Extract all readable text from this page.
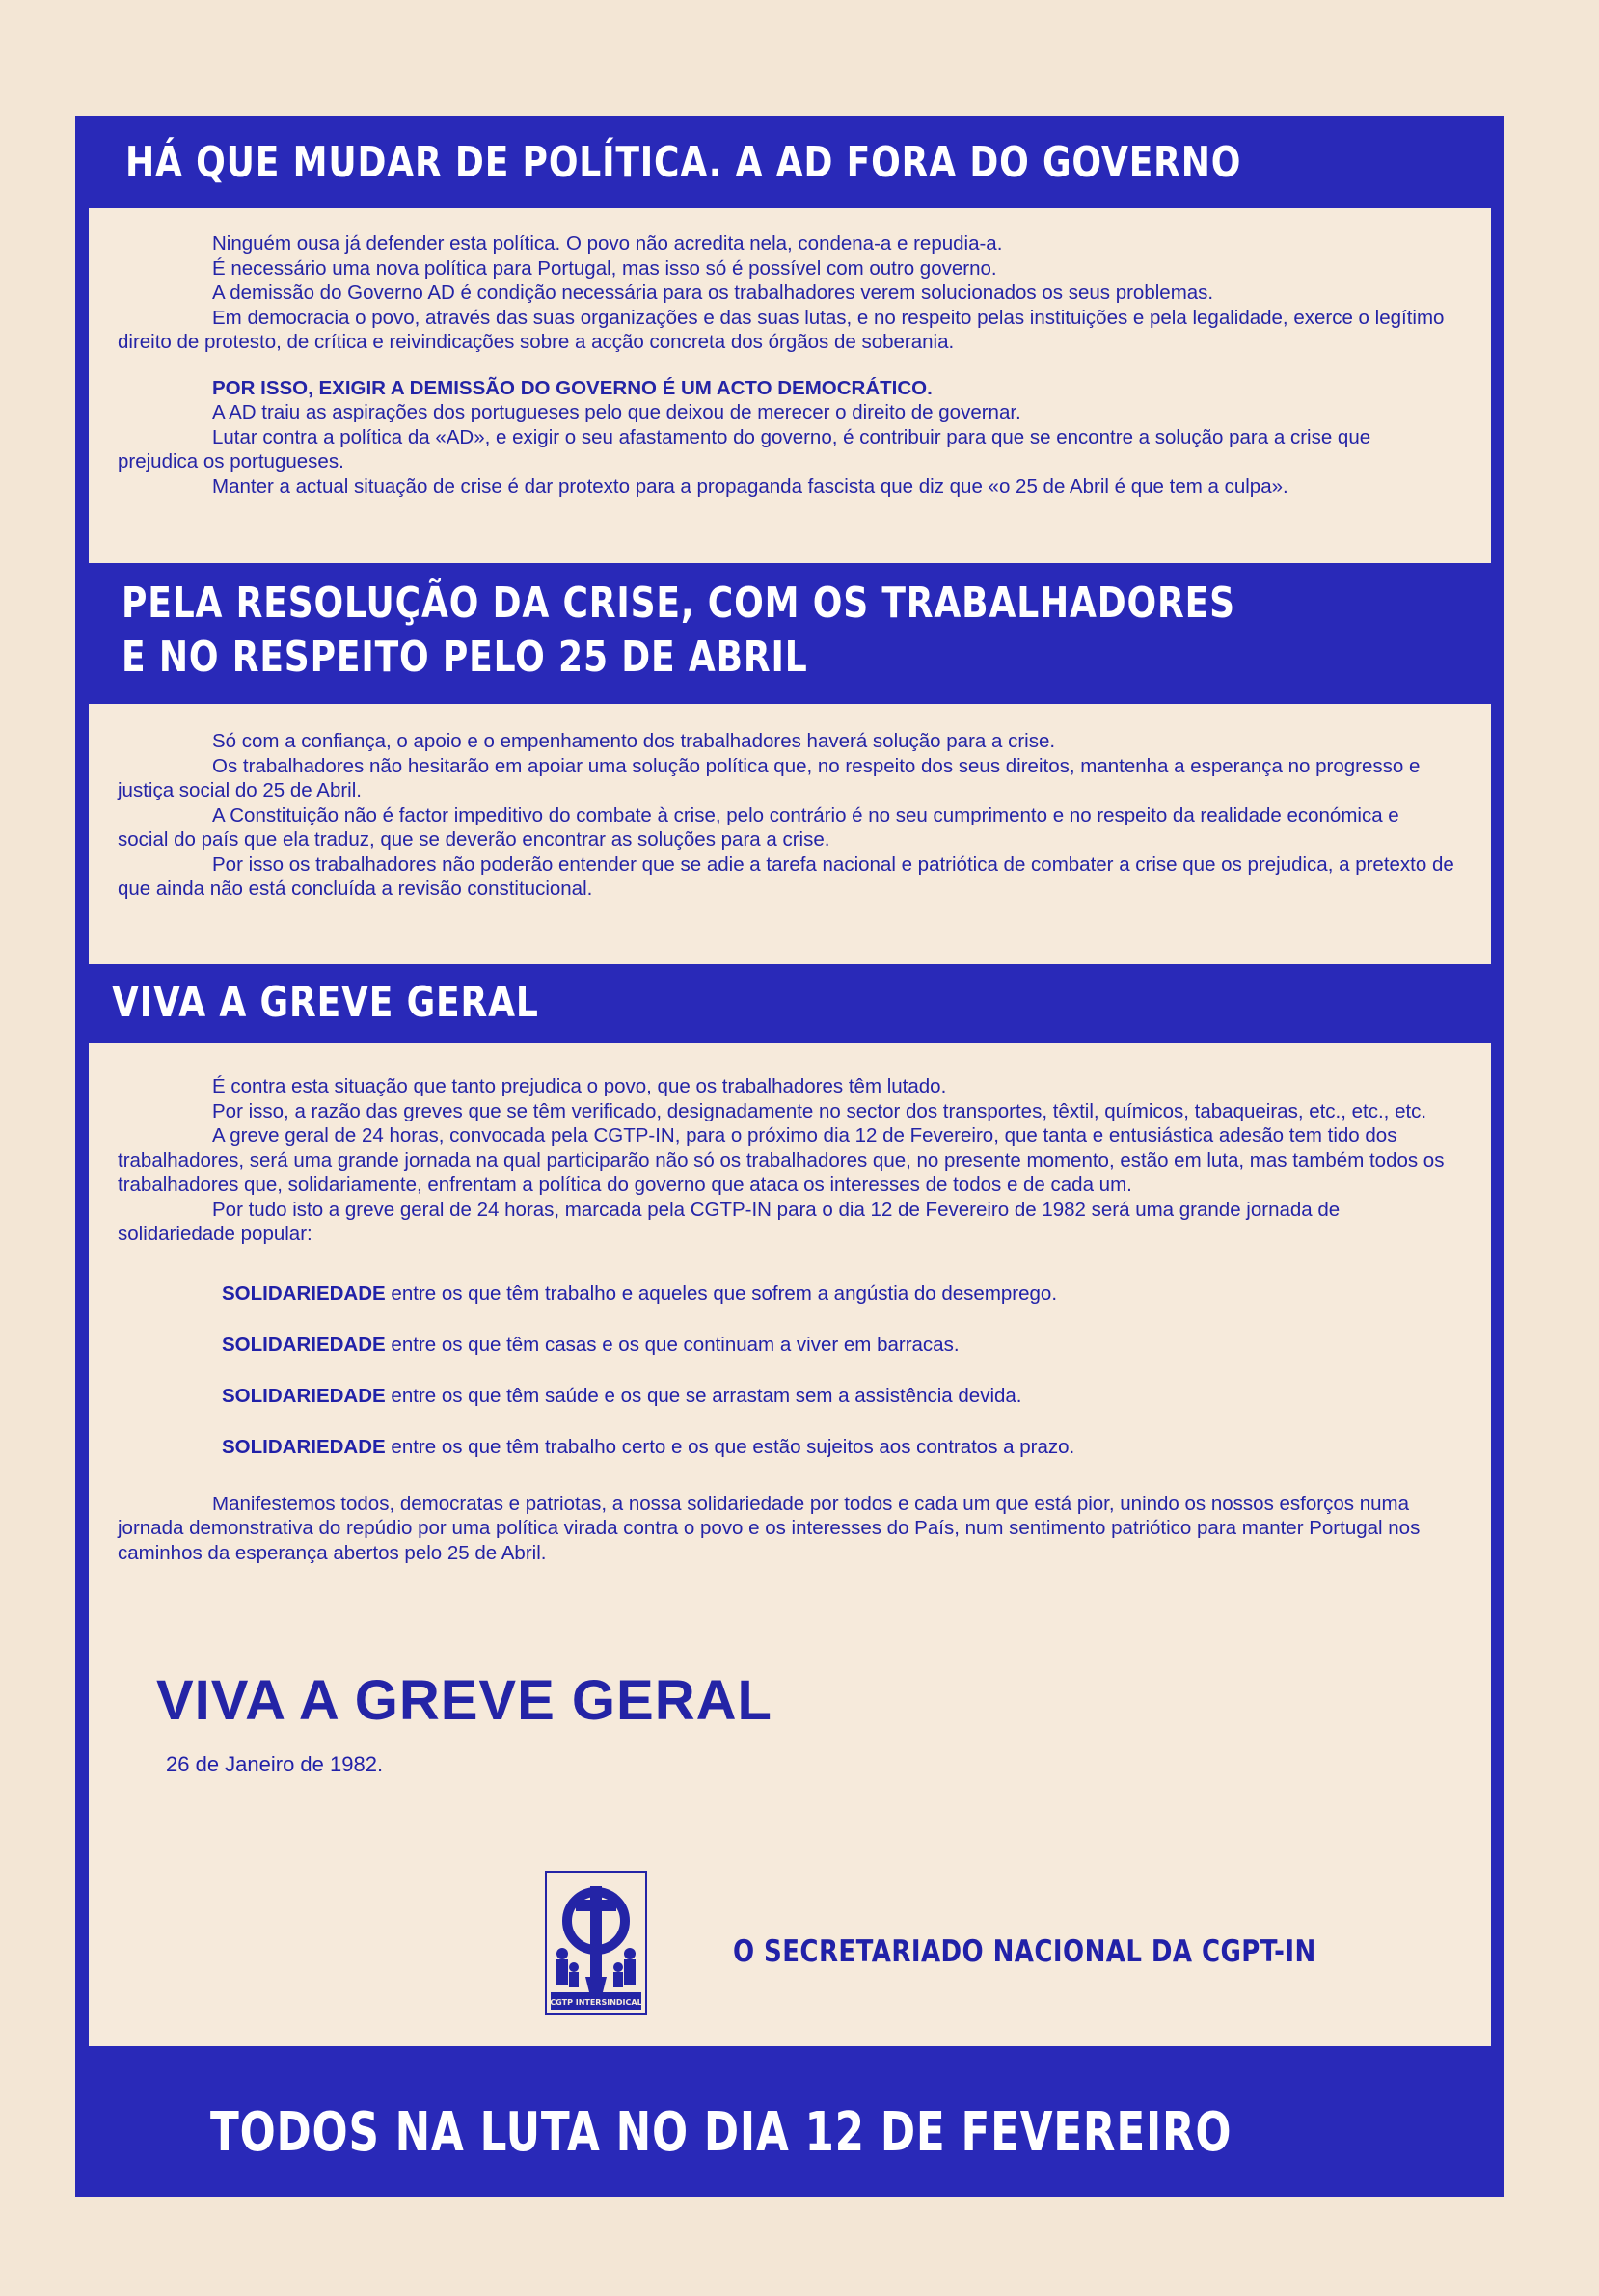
HÁ QUE MUDAR DE POLÍTICA. A AD FORA DO GOVERNO

Ninguém ousa já defender esta política. O povo não acredita nela, condena-a e repudia-a.

É necessário uma nova política para Portugal, mas isso só é possível com outro governo.

A demissão do Governo AD é condição necessária para os trabalhadores verem solucionados os seus problemas.

Em democracia o povo, através das suas organizações e das suas lutas, e no respeito pelas instituições e pela legalidade, exerce o legítimo direito de protesto, de crítica e reivindicações sobre a acção concreta dos órgãos de soberania.

POR ISSO, EXIGIR A DEMISSÃO DO GOVERNO É UM ACTO DEMOCRÁTICO.

A AD traiu as aspirações dos portugueses pelo que deixou de merecer o direito de governar.

Lutar contra a política da «AD», e exigir o seu afastamento do governo, é contribuir para que se encontre a solução para a crise que prejudica os portugueses.

Manter a actual situação de crise é dar protexto para a propaganda fascista que diz que «o 25 de Abril é que tem a culpa».

PELA RESOLUÇÃO DA CRISE, COM OS TRABALHADORES
E NO RESPEITO PELO 25 DE ABRIL

Só com a confiança, o apoio e o empenhamento dos trabalhadores haverá solução para a crise.

Os trabalhadores não hesitarão em apoiar uma solução política que, no respeito dos seus direitos, mantenha a esperança no progresso e justiça social do 25 de Abril.

A Constituição não é factor impeditivo do combate à crise, pelo contrário é no seu cumprimento e no respeito da realidade económica e social do país que ela traduz, que se deverão encontrar as soluções para a crise.

Por isso os trabalhadores não poderão entender que se adie a tarefa nacional e patriótica de combater a crise que os prejudica, a pretexto de que ainda não está concluída a revisão constitucional.

VIVA A GREVE GERAL

É contra esta situação que tanto prejudica o povo, que os trabalhadores têm lutado.

Por isso, a razão das greves que se têm verificado, designadamente no sector dos transportes, têxtil, químicos, tabaqueiras, etc., etc., etc.

A greve geral de 24 horas, convocada pela CGTP-IN, para o próximo dia 12 de Fevereiro, que tanta e entusiástica adesão tem tido dos trabalhadores, será uma grande jornada na qual participarão não só os trabalhadores que, no presente momento, estão em luta, mas também todos os trabalhadores que, solidariamente, enfrentam a política do governo que ataca os interesses de todos e de cada um.

Por tudo isto a greve geral de 24 horas, marcada pela CGTP-IN para o dia 12 de Fevereiro de 1982 será uma grande jornada de solidariedade popular:

SOLIDARIEDADE entre os que têm trabalho e aqueles que sofrem a angústia do desemprego.

SOLIDARIEDADE entre os que têm casas e os que continuam a viver em barracas.

SOLIDARIEDADE entre os que têm saúde e os que se arrastam sem a assistência devida.

SOLIDARIEDADE entre os que têm trabalho certo e os que estão sujeitos aos contratos a prazo.

Manifestemos todos, democratas e patriotas, a nossa solidariedade por todos e cada um que está pior, unindo os nossos esforços numa jornada demonstrativa do repúdio por uma política virada contra o povo e os interesses do País, num sentimento patriótico para manter Portugal nos caminhos da esperança abertos pelo 25 de Abril.

VIVA A GREVE GERAL
26 de Janeiro de 1982.
CGTP INTERSINDICAL
O SECRETARIADO NACIONAL DA CGPT-IN
TODOS NA LUTA NO DIA 12 DE FEVEREIRO
